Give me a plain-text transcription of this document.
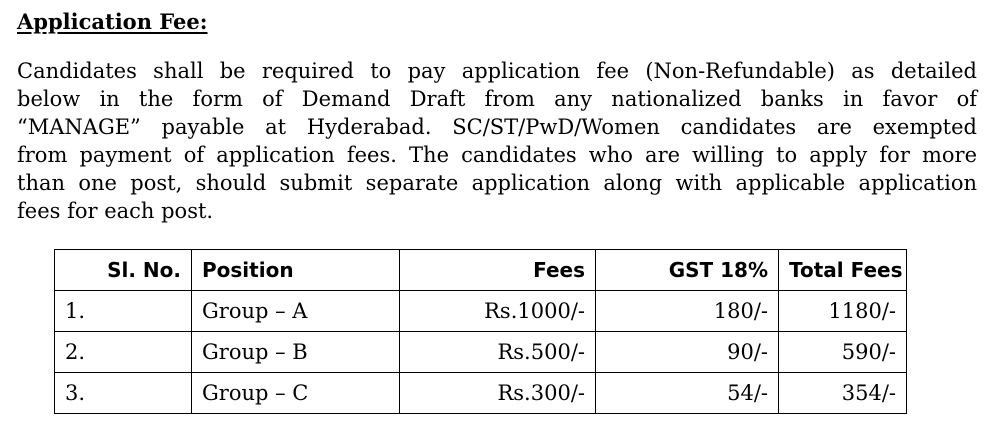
Application Fee:

Candidates shall be required to pay application fee (Non-Refundable) as detailed
below in the form of Demand Draft from any nationalized banks in favor of
“MANAGE” payable at Hyderabad. SC/ST/PwD/Women candidates are exempted
from payment of application fees. The candidates who are willing to apply for more
than one post, should submit separate application along with applicable application
fees for each post.

Sl. No.	Position	Fees	GST 18%	Total Fees
1.	Group – A	Rs.1000/-	180/-	1180/-
2.	Group – B	Rs.500/-	90/-	590/-
3.	Group – C	Rs.300/-	54/-	354/-
